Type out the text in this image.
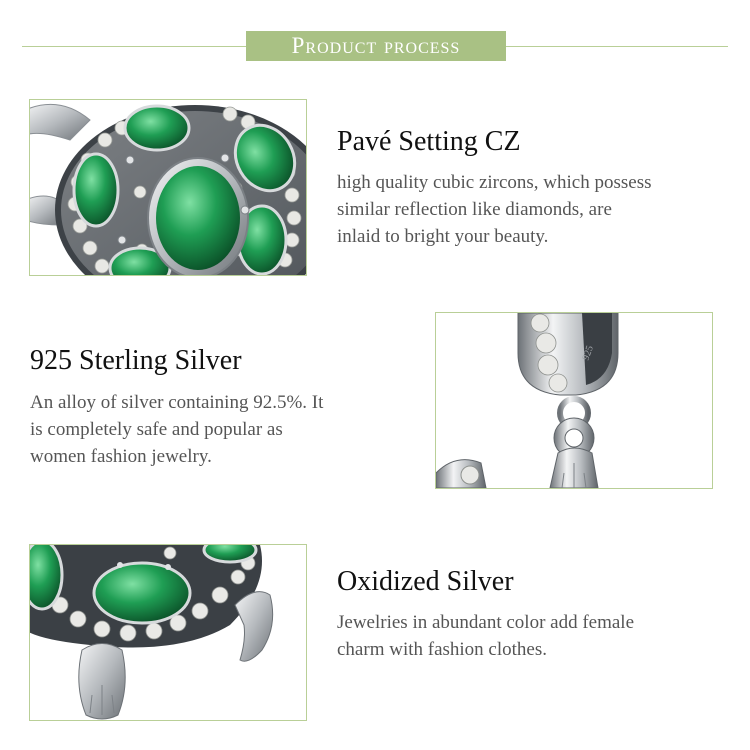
Product process
Pavé Setting CZ
high quality cubic zircons, which possess
similar reflection like diamonds, are
inlaid to bright your beauty.
925 Sterling Silver
An alloy of silver containing 92.5%. It
is completely safe and popular as
women fashion jewelry.
925
Oxidized Silver
Jewelries in abundant color add female
charm with fashion clothes.
